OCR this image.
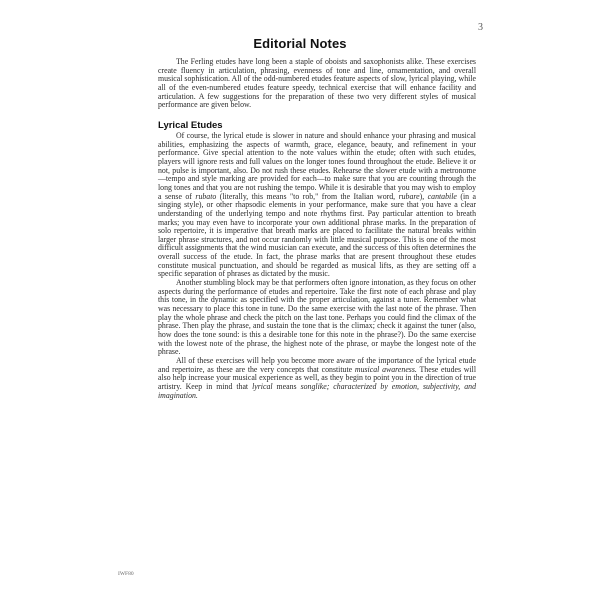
3
Editorial Notes

The Ferling etudes have long been a staple of oboists and saxophonists alike. These exercises create fluency in articulation, phrasing, evenness of tone and line, ornamentation, and overall musical sophistication. All of the odd-numbered etudes feature aspects of slow, lyrical playing, while all of the even-numbered etudes feature speedy, technical exercise that will enhance facility and articulation. A few suggestions for the preparation of these two very different styles of musical performance are given below.

Lyrical Etudes

Of course, the lyrical etude is slower in nature and should enhance your phrasing and musical abilities, emphasizing the aspects of warmth, grace, elegance, beauty, and refinement in your performance. Give special attention to the note values within the etude; often with such etudes, players will ignore rests and full values on the longer tones found throughout the etude. Believe it or not, pulse is important, also. Do not rush these etudes. Rehearse the slower etude with a metronome—tempo and style marking are provided for each—to make sure that you are counting through the long tones and that you are not rushing the tempo. While it is desirable that you may wish to employ a sense of rubato (literally, this means "to rob," from the Italian word, rubare), cantabile (in a singing style), or other rhapsodic elements in your performance, make sure that you have a clear understanding of the underlying tempo and note rhythms first. Pay particular attention to breath marks; you may even have to incorporate your own additional phrase marks. In the preparation of solo repertoire, it is imperative that breath marks are placed to facilitate the natural breaks within larger phrase structures, and not occur randomly with little musical purpose. This is one of the most difficult assignments that the wind musician can execute, and the success of this often determines the overall success of the etude. In fact, the phrase marks that are present throughout these etudes constitute musical punctuation, and should be regarded as musical lifts, as they are setting off a specific separation of phrases as dictated by the music.

Another stumbling block may be that performers often ignore intonation, as they focus on other aspects during the performance of etudes and repertoire. Take the first note of each phrase and play this tone, in the dynamic as specified with the proper articulation, against a tuner. Remember what was necessary to place this tone in tune. Do the same exercise with the last note of the phrase. Then play the whole phrase and check the pitch on the last tone. Perhaps you could find the climax of the phrase. Then play the phrase, and sustain the tone that is the climax; check it against the tuner (also, how does the tone sound: is this a desirable tone for this note in the phrase?). Do the same exercise with the lowest note of the phrase, the highest note of the phrase, or maybe the longest note of the phrase.

All of these exercises will help you become more aware of the importance of the lyrical etude and repertoire, as these are the very concepts that constitute musical awareness. These etudes will also help increase your musical experience as well, as they begin to point you in the direction of true artistry. Keep in mind that lyrical means songlike; characterized by emotion, subjectivity, and imagination.

IWF80
